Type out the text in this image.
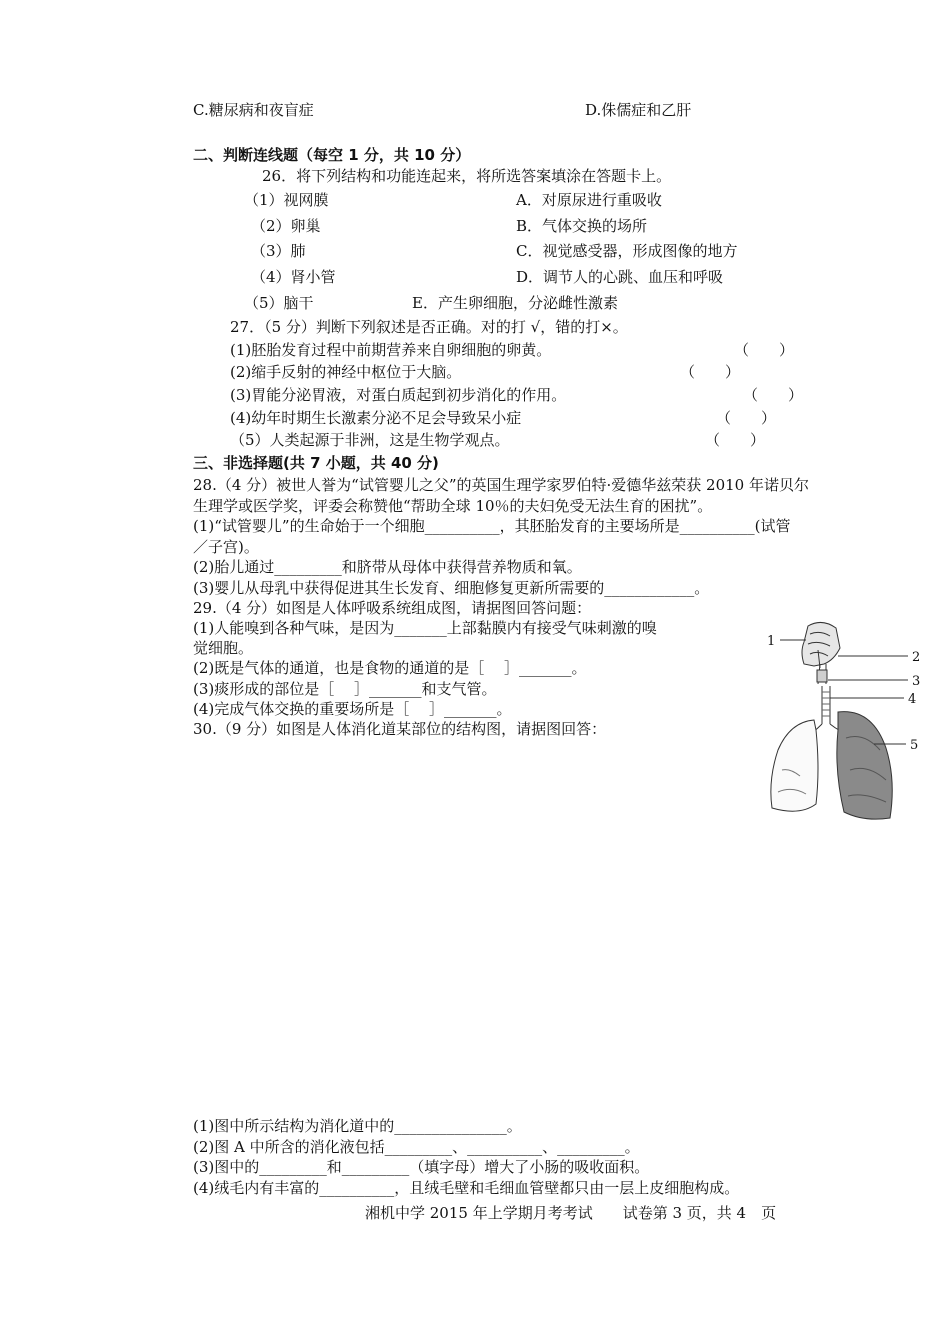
C.糖尿病和夜盲症	D.侏儒症和乙肝
二、判断连线题（每空 1 分，共 10 分）
26．将下列结构和功能连起来，将所选答案填涂在答题卡上。
（1）视网膜	A．对原尿进行重吸收
（2）卵巢	B．气体交换的场所
（3）肺	C．视觉感受器，形成图像的地方
（4）肾小管	D．调节人的心跳、血压和呼吸
（5）脑干	E．产生卵细胞，分泌雌性激素
27．（5 分）判断下列叙述是否正确。对的打 √，错的打×。
(1)胚胎发育过程中前期营养来自卵细胞的卵黄。	（　　）
(2)缩手反射的神经中枢位于大脑。	（　　）
(3)胃能分泌胃液，对蛋白质起到初步消化的作用。	（　　）
(4)幼年时期生长激素分泌不足会导致呆小症	（　　）
（5）人类起源于非洲，这是生物学观点。	（　　）
三、非选择题(共 7 小题，共 40 分)
28.（4 分）被世人誉为“试管婴儿之父”的英国生理学家罗伯特·爱德华兹荣获 2010 年诺贝尔
生理学或医学奖，评委会称赞他“帮助全球 10％的夫妇免受无法生育的困扰”。
(1)“试管婴儿”的生命始于一个细胞__________，其胚胎发育的主要场所是__________(试管
／子宫)。
(2)胎儿通过_________和脐带从母体中获得营养物质和氧。
(3)婴儿从母乳中获得促进其生长发育、细胞修复更新所需要的____________。
29.（4 分）如图是人体呼吸系统组成图，请据图回答问题：
(1)人能嗅到各种气味，是因为_______上部黏膜内有接受气味刺激的嗅
觉细胞。
(2)既是气体的通道，也是食物的通道的是［　 ］_______。
(3)痰形成的部位是［　 ］_______和支气管。
(4)完成气体交换的重要场所是［　 ］_______。
30.（9 分）如图是人体消化道某部位的结构图，请据图回答：
1
2
3
4
5
(1)图中所示结构为消化道中的_______________。
(2)图 A 中所含的消化液包括_________、__________、_________。
(3)图中的_________和_________（填字母）增大了小肠的吸收面积。
(4)绒毛内有丰富的__________，且绒毛壁和毛细血管壁都只由一层上皮细胞构成。
湘机中学 2015 年上学期月考考试　　试卷第 3 页，共 4　页
